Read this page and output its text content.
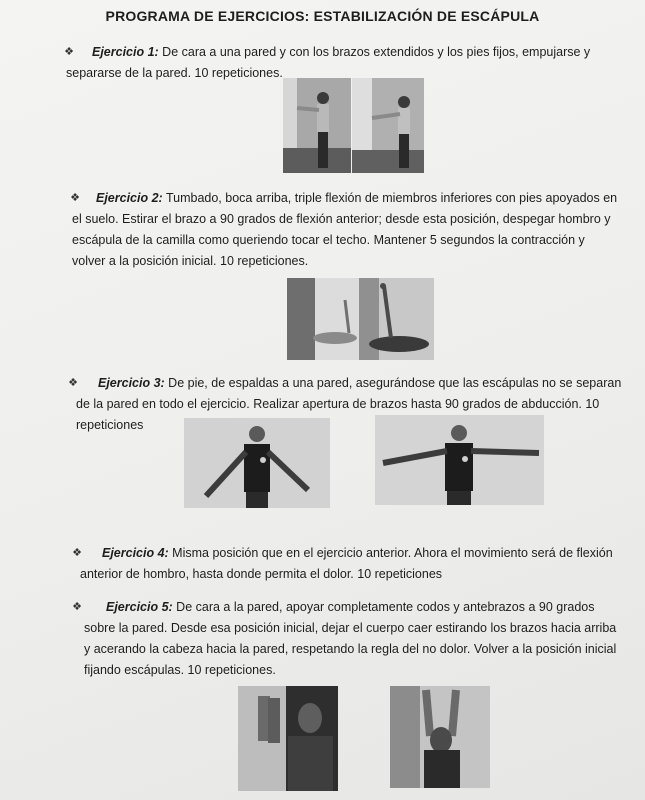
PROGRAMA DE EJERCICIOS: ESTABILIZACIÓN DE ESCÁPULA
❖ Ejercicio 1: De cara a una pared y con los brazos extendidos y los pies fijos, empujarse y separarse de la pared. 10 repeticiones.
❖ Ejercicio 2: Tumbado, boca arriba, triple flexión de miembros inferiores con pies apoyados en el suelo. Estirar el brazo a 90 grados de flexión anterior; desde esta posición, despegar hombro y escápula de la camilla como queriendo tocar el techo. Mantener 5 segundos la contracción y volver a la posición inicial. 10 repeticiones.
❖ Ejercicio 3: De pie, de espaldas a una pared, asegurándose que las escápulas no se separan de la pared en todo el ejercicio. Realizar apertura de brazos hasta 90 grados de abducción. 10 repeticiones
❖ Ejercicio 4: Misma posición que en el ejercicio anterior. Ahora el movimiento será de flexión anterior de hombro, hasta donde permita el dolor. 10 repeticiones
❖ Ejercicio 5: De cara a la pared, apoyar completamente codos y antebrazos a 90 grados sobre la pared. Desde esa posición inicial, dejar el cuerpo caer estirando los brazos hacia arriba y acerando la cabeza hacia la pared, respetando la regla del no dolor. Volver a la posición inicial fijando escápulas. 10 repeticiones.
